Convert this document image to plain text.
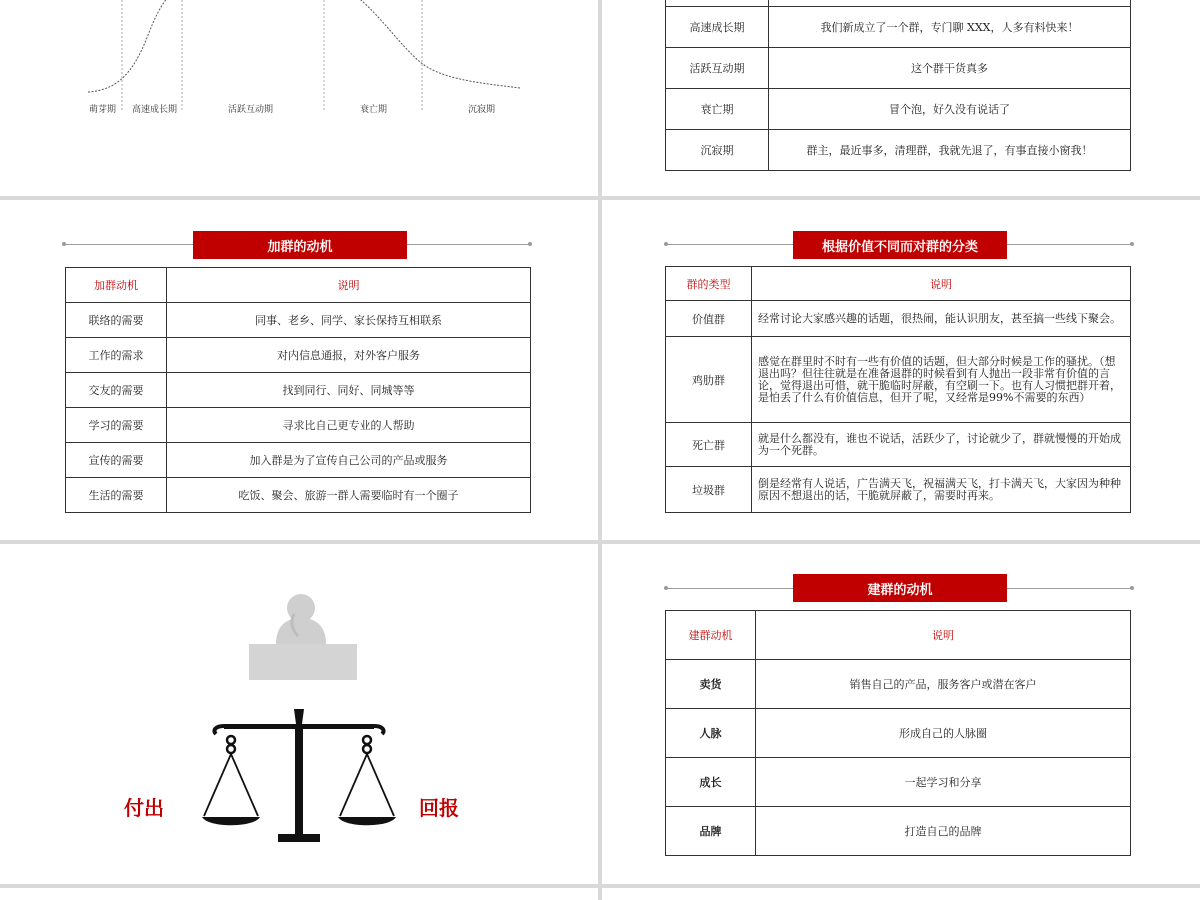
萌芽期 高速成长期	活跃互动期	衰亡期	沉寂期

高速成长期	我们新成立了一个群，专门聊 XXX，人多有料快来！
活跃互动期	这个群干货真多
衰亡期	冒个泡，好久没有说话了
沉寂期	群主，最近事多，清理群，我就先退了，有事直接小窗我！
加群的动机
加群动机	说明
联络的需要	同事、老乡、同学、家长保持互相联系
工作的需求	对内信息通报，对外客户服务
交友的需要	找到同行、同好、同城等等
学习的需要	寻求比自己更专业的人帮助
宣传的需要	加入群是为了宣传自己公司的产品或服务
生活的需要	吃饭、聚会、旅游一群人需要临时有一个圈子
根据价值不同而对群的分类
群的类型	说明
价值群	经常讨论大家感兴趣的话题，很热闹，能认识朋友，甚至搞一些线下聚会。
鸡肋群	感觉在群里时不时有一些有价值的话题，但大部分时候是工作的骚扰。（想退出吗？但往往就是在准备退群的时候看到有人抛出一段非常有价值的言论，觉得退出可惜，就干脆临时屏蔽，有空刷一下。也有人习惯把群开着，是怕丢了什么有价值信息，但开了呢，又经常是99%不需要的东西）
死亡群	就是什么都没有，谁也不说话，活跃少了，讨论就少了，群就慢慢的开始成为一个死群。
垃圾群	倒是经常有人说话，广告满天飞，祝福满天飞，打卡满天飞，大家因为种种原因不想退出的话，干脆就屏蔽了，需要时再来。
付出	回报
建群的动机
建群动机	说明
卖货	销售自己的产品，服务客户或潜在客户
人脉	形成自己的人脉圈
成长	一起学习和分享
品牌	打造自己的品牌
